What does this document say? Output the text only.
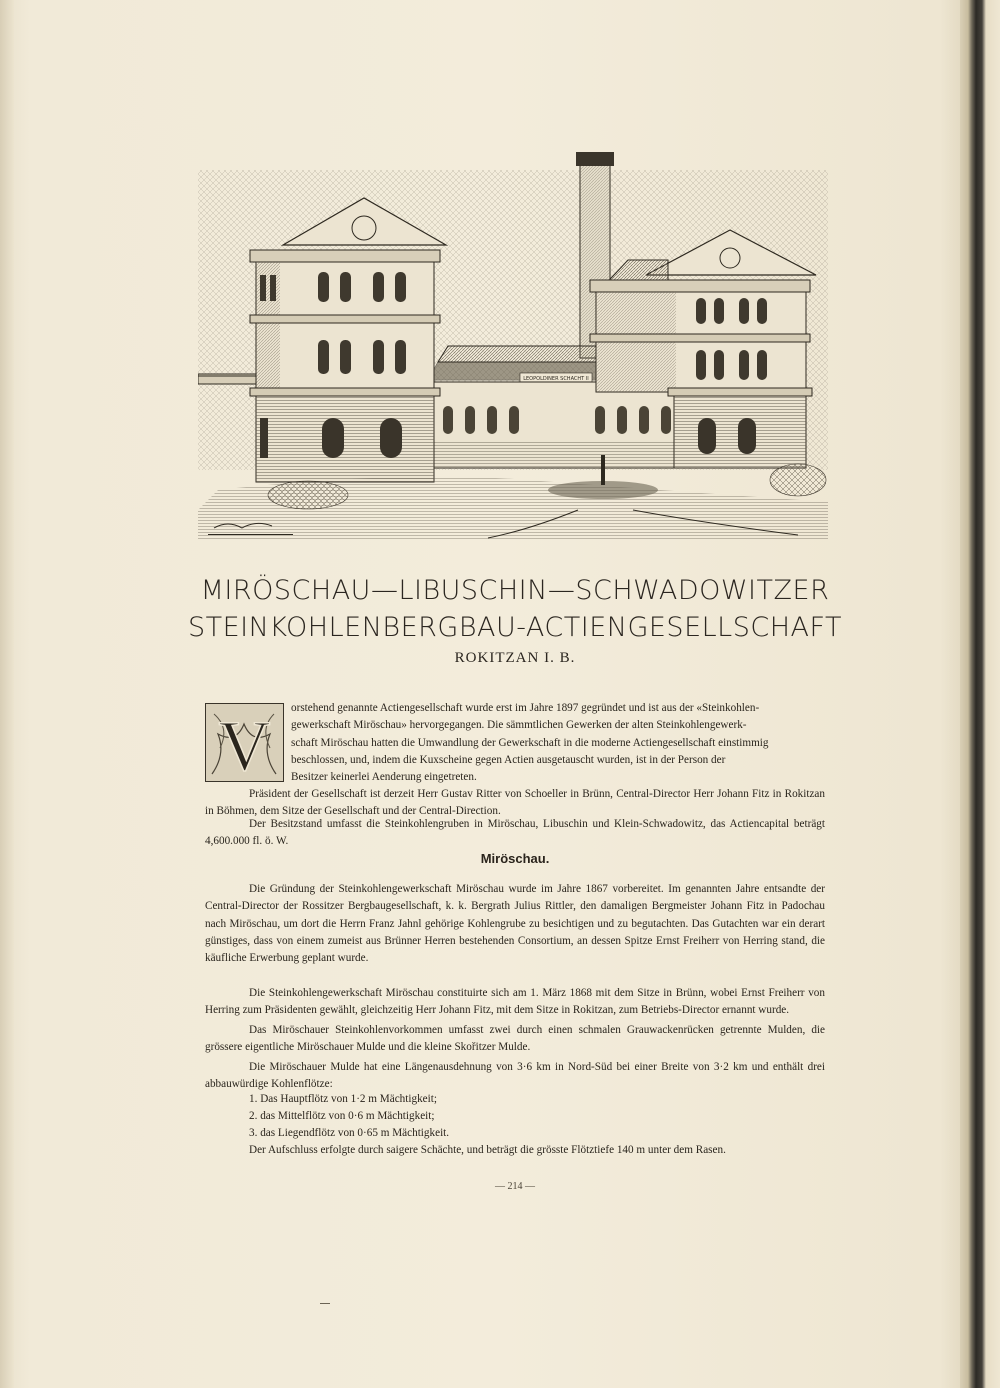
LEOPOLDINER SCHACHT II
MIRÖSCHAU—LIBUSCHIN—SCHWADOWITZER
STEINKOHLENBERGBAU-ACTIENGESELLSCHAFT
ROKITZAN I. B.
V orstehend genannte Actiengesellschaft wurde erst im Jahre 1897 gegründet und ist aus der «Steinkohlen-
gewerkschaft Miröschau» hervorgegangen. Die sämmtlichen Gewerken der alten Steinkohlengewerk-
schaft Miröschau hatten die Umwandlung der Gewerkschaft in die moderne Actiengesellschaft einstimmig
beschlossen, und, indem die Kuxscheine gegen Actien ausgetauscht wurden, ist in der Person der
Besitzer keinerlei Aenderung eingetreten.
Präsident der Gesellschaft ist derzeit Herr Gustav Ritter von Schoeller in Brünn, Central-Director Herr Johann Fitz in Rokitzan in Böhmen, dem Sitze der Gesellschaft und der Central-Direction.
Der Besitzstand umfasst die Steinkohlengruben in Miröschau, Libuschin und Klein-Schwadowitz, das Actiencapital beträgt 4,600.000 fl. ö. W.
Miröschau.
Die Gründung der Steinkohlengewerkschaft Miröschau wurde im Jahre 1867 vorbereitet. Im genannten Jahre entsandte der Central-Director der Rossitzer Bergbaugesellschaft, k. k. Bergrath Julius Rittler, den damaligen Bergmeister Johann Fitz in Padochau nach Miröschau, um dort die Herrn Franz Jahnl gehörige Kohlengrube zu besichtigen und zu begutachten. Das Gutachten war ein derart günstiges, dass von einem zumeist aus Brünner Herren bestehenden Consortium, an dessen Spitze Ernst Freiherr von Herring stand, die käufliche Erwerbung geplant wurde.
Die Steinkohlengewerkschaft Miröschau constituirte sich am 1. März 1868 mit dem Sitze in Brünn, wobei Ernst Freiherr von Herring zum Präsidenten gewählt, gleichzeitig Herr Johann Fitz, mit dem Sitze in Rokitzan, zum Betriebs-Director ernannt wurde.
Das Miröschauer Steinkohlenvorkommen umfasst zwei durch einen schmalen Grauwackenrücken getrennte Mulden, die grössere eigentliche Miröschauer Mulde und die kleine Skořitzer Mulde.
Die Miröschauer Mulde hat eine Längenausdehnung von 3·6 km in Nord-Süd bei einer Breite von 3·2 km und enthält drei abbauwürdige Kohlenflötze:
1. Das Hauptflötz von 1·2 m Mächtigkeit;
2. das Mittelflötz von 0·6 m Mächtigkeit;
3. das Liegendflötz von 0·65 m Mächtigkeit.
Der Aufschluss erfolgte durch saigere Schächte, und beträgt die grösste Flötztiefe 140 m unter dem Rasen.
— 214 —
